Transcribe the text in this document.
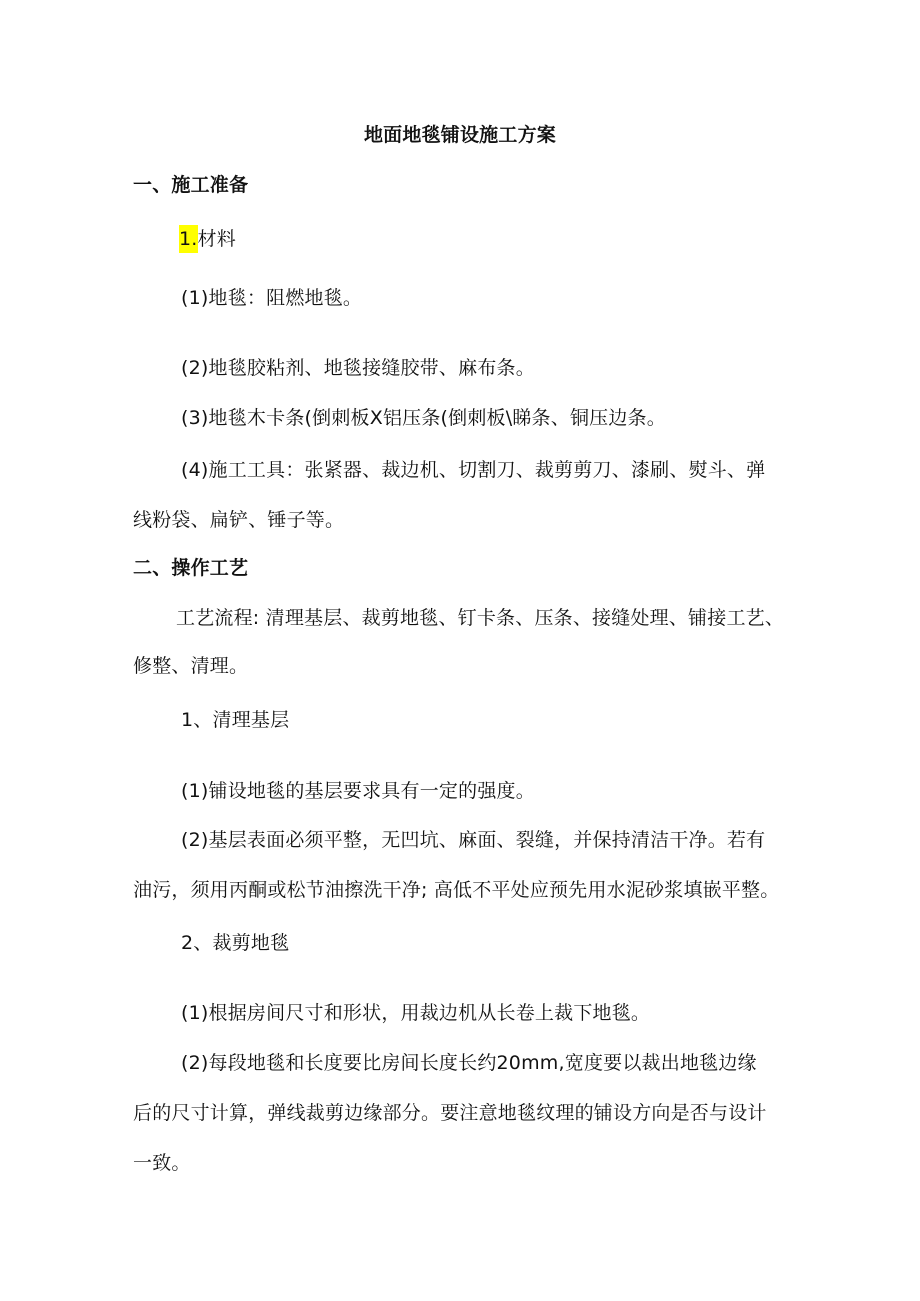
地面地毯铺设施工方案
一、施工准备
1.材料
(1)地毯：阻燃地毯。
(2)地毯胶粘剂、地毯接缝胶带、麻布条。
(3)地毯木卡条(倒刺板X铝压条(倒刺板\睇条、铜压边条。
(4)施工工具：张紧器、裁边机、切割刀、裁剪剪刀、漆刷、熨斗、弹
线粉袋、扁铲、锤子等。
二、操作工艺
工艺流程: 清理基层、裁剪地毯、钉卡条、压条、接缝处理、铺接工艺、
修整、清理。
1、清理基层
(1)铺设地毯的基层要求具有一定的强度。
(2)基层表面必须平整，无凹坑、麻面、裂缝，并保持清洁干净。若有
油污，须用丙酮或松节油擦洗干净; 高低不平处应预先用水泥砂浆填嵌平整。
2、裁剪地毯
(1)根据房间尺寸和形状，用裁边机从长卷上裁下地毯。
(2)每段地毯和长度要比房间长度长约20mm,宽度要以裁出地毯边缘
后的尺寸计算，弹线裁剪边缘部分。要注意地毯纹理的铺设方向是否与设计
一致。
